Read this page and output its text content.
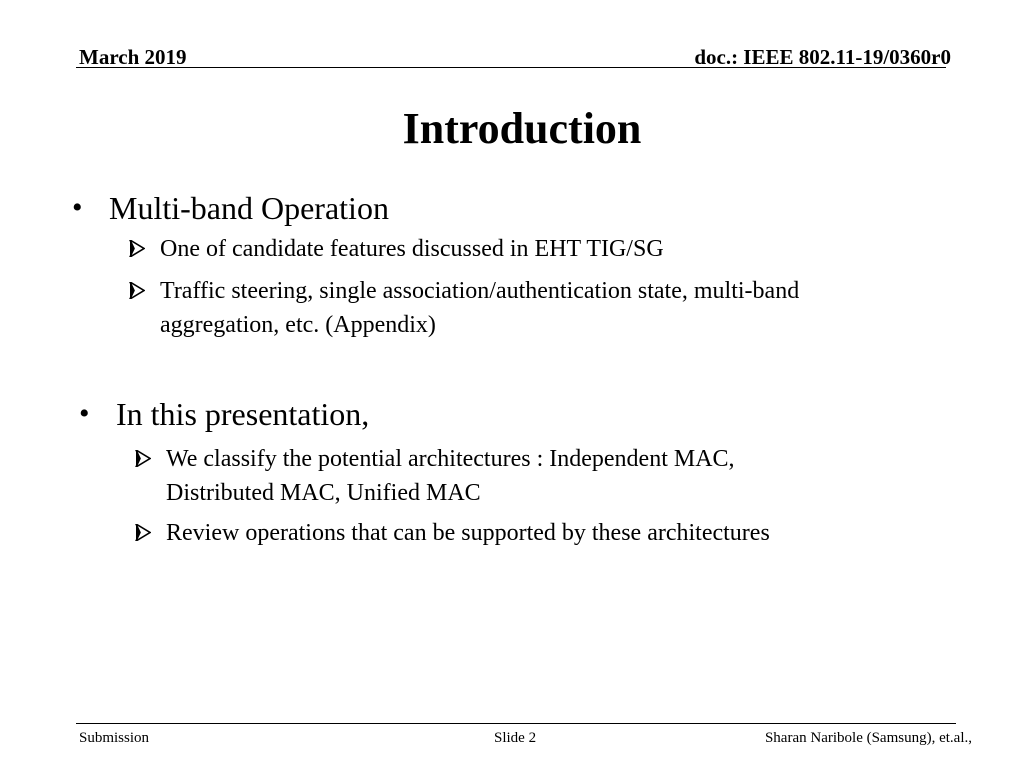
March 2019	doc.: IEEE 802.11-19/0360r0
Introduction
• Multi-band Operation
One of candidate features discussed in EHT TIG/SG
Traffic steering, single association/authentication state, multi-band
aggregation, etc. (Appendix)
• In this presentation,
We classify the potential architectures : Independent MAC,
Distributed MAC, Unified MAC
Review operations that can be supported by these architectures
Submission	Slide 2	Sharan Naribole (Samsung), et.al.,
